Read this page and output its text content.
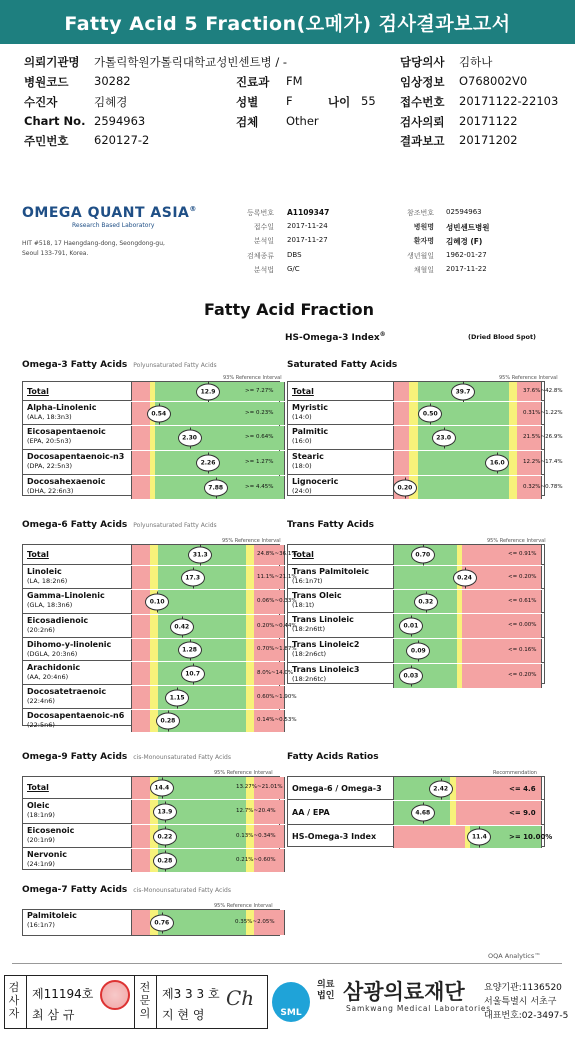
Fatty Acid 5 Fraction(오메가) 검사결과보고서
의뢰기관명 가톨릭학원가톨릭대학교성빈센트병 / -	담당의사 김하나
병원코드 30282	진료과 FM	임상정보 O768002V0
수진자	김혜경	성별 F	나이 55 접수번호 20171122-22103
Chart No. 2594963	검체 Other	검사의뢰 20171122
주민번호 620127-2	결과보고 20171202
OMEGA QUANT ASIA®
Research Based Laboratory
HIT #518, 17 Haengdang-dong, Seongdong-gu,
Seoul 133-791, Korea.
등록번호 A1109347	참조번호 02594963
접수일 2017-11-24	병원명 성빈센트병원
분석일 2017-11-27	환자명 김혜경 (F)
검체종류 DBS	생년월일 1962-01-27
분석법 G/C	채혈일 2017-11-22
Fatty Acid Fraction
HS-Omega-3 Index®	(Dried Blood Spot)
Omega-3 Fatty Acids Polyunsaturated Fatty Acids
93% Reference Interval
Total	12.9	>= 7.27%
Alpha-Linolenic
(ALA, 18:3n3)	0.54	>= 0.23%
Eicosapentaenoic
(EPA, 20:5n3)	2.30	>= 0.64%
Docosapentaenoic-n3
(DPA, 22:5n3)	2.26	>= 1.27%
Docosahexaenoic
(DHA, 22:6n3)	7.88	>= 4.45%
Saturated Fatty Acids
95% Reference Interval
Total	39.7	37.6%~42.8%
Myristic
(14:0)	0.50	0.31%~1.22%
Palmitic
(16:0)	23.0	21.5%~26.9%
Stearic
(18:0)	16.0	12.2%~17.4%
Lignoceric
(24:0)	0.20	0.32%~0.78%
Omega-6 Fatty Acids Polyunsaturated Fatty Acids
95% Reference Interval
Total	31.3	24.8%~36.1%
Linoleic
(LA, 18:2n6)	17.3	11.1%~21.1%
Gamma-Linolenic
(GLA, 18:3n6)	0.10	0.06%~0.33%
Eicosadienoic
(20:2n6)	0.42	0.20%~0.44%
Dihomo-y-linolenic
(DGLA, 20:3n6)	1.28	0.70%~1.87%
Arachidonic
(AA, 20:4n6)	10.7	8.0%~14.0%
Docosatetraenoic
(22:4n6)	1.15	0.60%~1.90%
Docosapentaenoic-n6
(22:5n6)	0.28	0.14%~0.53%
Trans Fatty Acids
95% Reference Interval
Total	0.70	<= 0.91%
Trans Palmitoleic
(16:1n7t)	0.24	<= 0.20%
Trans Oleic
(18:1t)	0.32	<= 0.61%
Trans Linoleic
(18:2n6tt)	0.01	<= 0.00%
Trans Linoleic2
(18:2n6ct)	0.09	<= 0.16%
Trans Linoleic3
(18:2n6tc)	0.03	<= 0.20%
Omega-9 Fatty Acids cis-Monounsaturated Fatty Acids
95% Reference Interval
Total	14.4	13.27%~21.01%
Oleic
(18:1n9)	13.9	12.7%~20.4%
Eicosenoic
(20:1n9)	0.22	0.13%~0.34%
Nervonic
(24:1n9)	0.28	0.21%~0.60%
Fatty Acids Ratios
Recommendation
Omega-6 / Omega-3	2.42	<= 4.6
AA / EPA	4.68	<= 9.0
HS-Omega-3 Index	11.4	>= 10.00%
Omega-7 Fatty Acids cis-Monounsaturated Fatty Acids
95% Reference Interval
Palmitoleic
(16:1n7)	0.76	0.35%~2.05%
OQA Analytics™
검사자
제11194호
최 삼 규
전문의
제3 3 3 호
지 현 영
Ch
SML
의료법인 삼광의료재단
Samkwang Medical Laboratories
요양기관:1136520
서울특별시 서초구
대표번호:02-3497-5
